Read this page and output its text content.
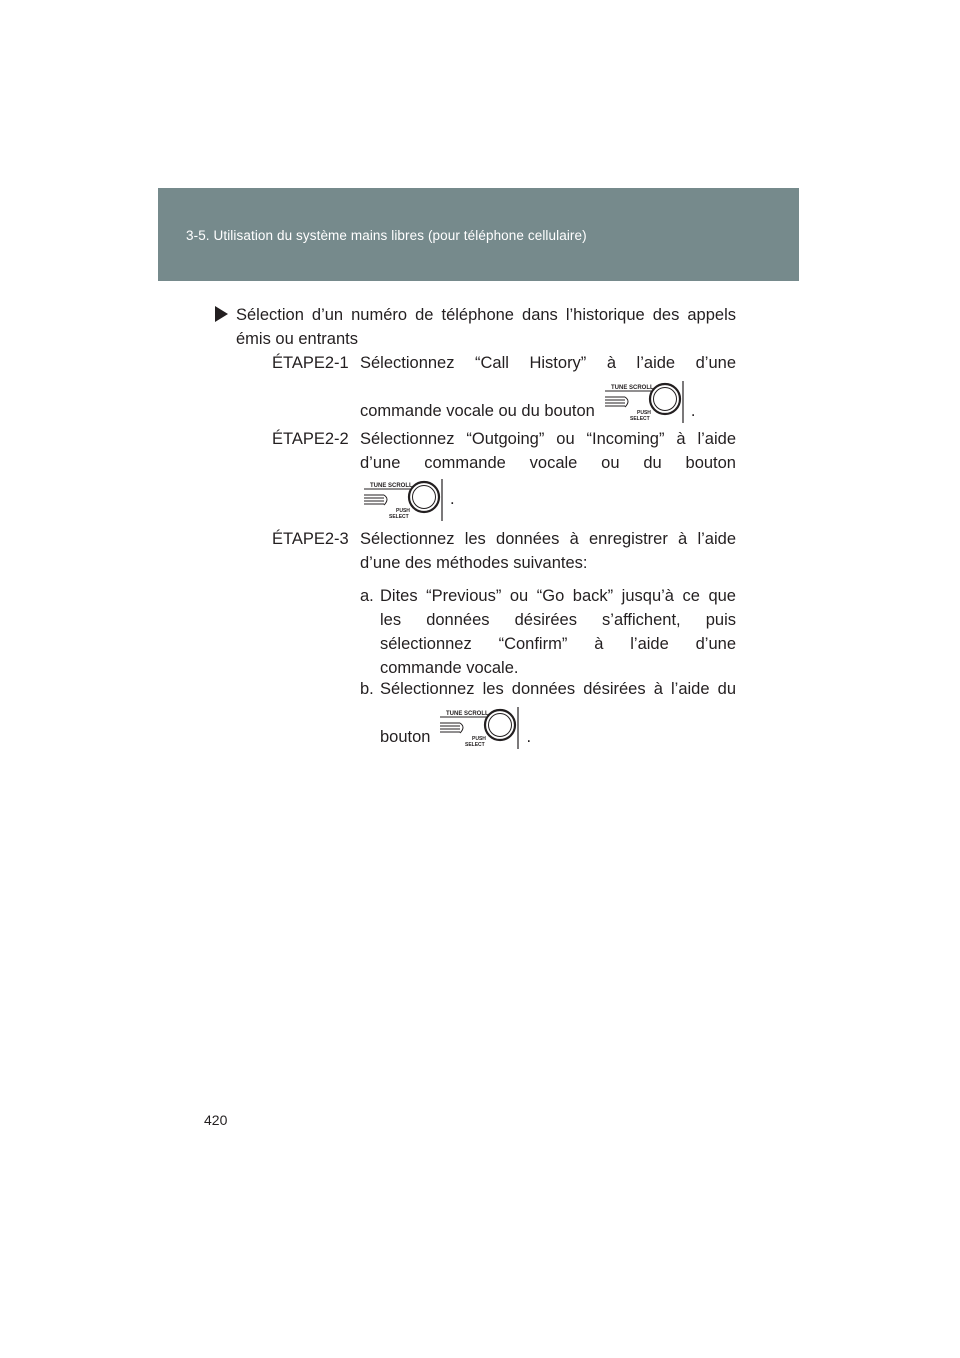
3-5. Utilisation du système mains libres (pour téléphone cellulaire)
Sélection d’un numéro de téléphone dans l’historique des appels
émis ou entrants
ÉTAPE2-1 Sélectionnez “Call History” à l’aide d’une
commande vocale ou du bouton
TUNE SCROLL
PUSH
SELECT	.
ÉTAPE2-2 Sélectionnez “Outgoing” ou “Incoming” à l’aide
d’une commande vocale ou du bouton
TUNE SCROLL
PUSH
SELECT
.
ÉTAPE2-3 Sélectionnez les données à enregistrer à l’aide
d’une des méthodes suivantes:
a. Dites “Previous” ou “Go back” jusqu’à ce que
les données désirées s’affichent, puis
sélectionnez “Confirm” à l’aide d’une
commande vocale.
b. Sélectionnez les données désirées à l’aide du
bouton
TUNE SCROLL
PUSH
SELECT	.
420
